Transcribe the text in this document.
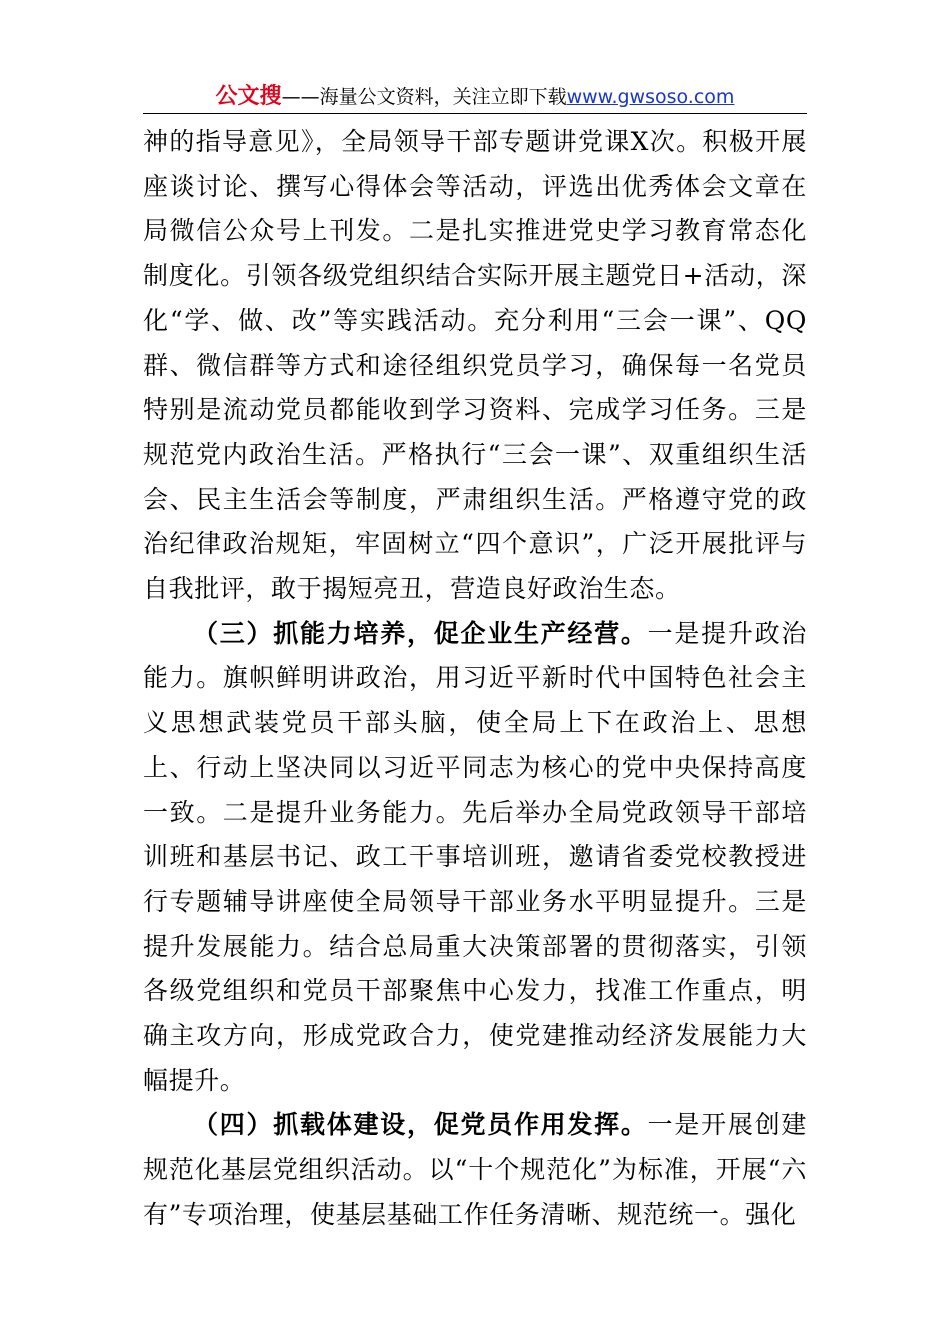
公文搜——海量公文资料，关注立即下载www.gwsoso.com

神的指导意见》，全局领导干部专题讲党课X次。积极开展座谈讨论、撰写心得体会等活动，评选出优秀体会文章在局微信公众号上刊发。二是扎实推进党史学习教育常态化制度化。引领各级党组织结合实际开展主题党日+活动，深化“学、做、改”等实践活动。充分利用“三会一课”、QQ群、微信群等方式和途径组织党员学习，确保每一名党员特别是流动党员都能收到学习资料、完成学习任务。三是规范党内政治生活。严格执行“三会一课”、双重组织生活会、民主生活会等制度，严肃组织生活。严格遵守党的政治纪律政治规矩，牢固树立“四个意识”，广泛开展批评与自我批评，敢于揭短亮丑，营造良好政治生态。

（三）抓能力培养，促企业生产经营。一是提升政治能力。旗帜鲜明讲政治，用习近平新时代中国特色社会主义思想武装党员干部头脑，使全局上下在政治上、思想上、行动上坚决同以习近平同志为核心的党中央保持高度一致。二是提升业务能力。先后举办全局党政领导干部培训班和基层书记、政工干事培训班，邀请省委党校教授进行专题辅导讲座使全局领导干部业务水平明显提升。三是提升发展能力。结合总局重大决策部署的贯彻落实，引领各级党组织和党员干部聚焦中心发力，找准工作重点，明确主攻方向，形成党政合力，使党建推动经济发展能力大幅提升。

（四）抓载体建设，促党员作用发挥。一是开展创建规范化基层党组织活动。以“十个规范化”为标准，开展“六有”专项治理，使基层基础工作任务清晰、规范统一。强化
